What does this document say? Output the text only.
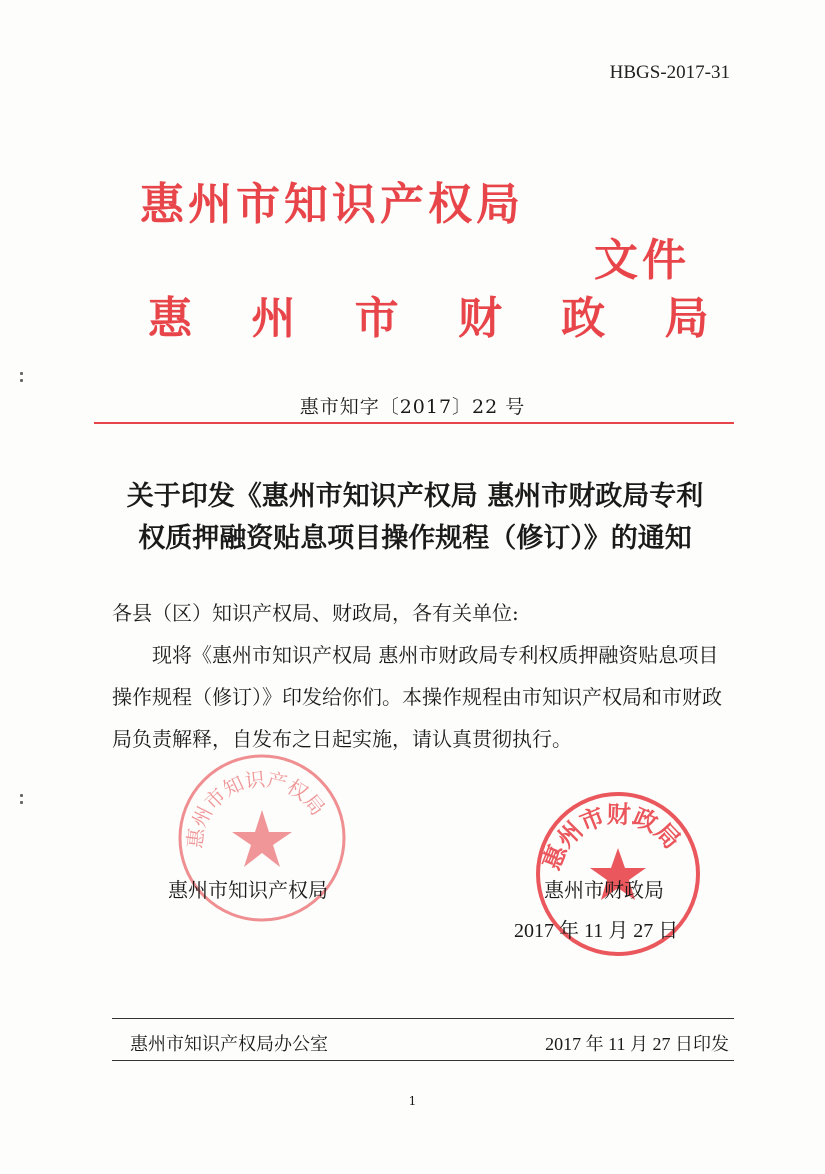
HBGS-2017-31
惠州市知识产权局
文件
惠 州 市 财 政 局
惠市知字〔2017〕22 号
关于印发《惠州市知识产权局 惠州市财政局专利
权质押融资贴息项目操作规程（修订）》的通知
各县（区）知识产权局、财政局，各有关单位:
现将《惠州市知识产权局 惠州市财政局专利权质押融资贴息项目操作规程（修订）》印发给你们。本操作规程由市知识产权局和市财政局负责解释，自发布之日起实施，请认真贯彻执行。
惠州市知识产权局
惠州市财政局
惠州市知识产权局	惠州市财政局
2017 年 11 月 27 日
惠州市知识产权局办公室	2017 年 11 月 27 日印发
1
